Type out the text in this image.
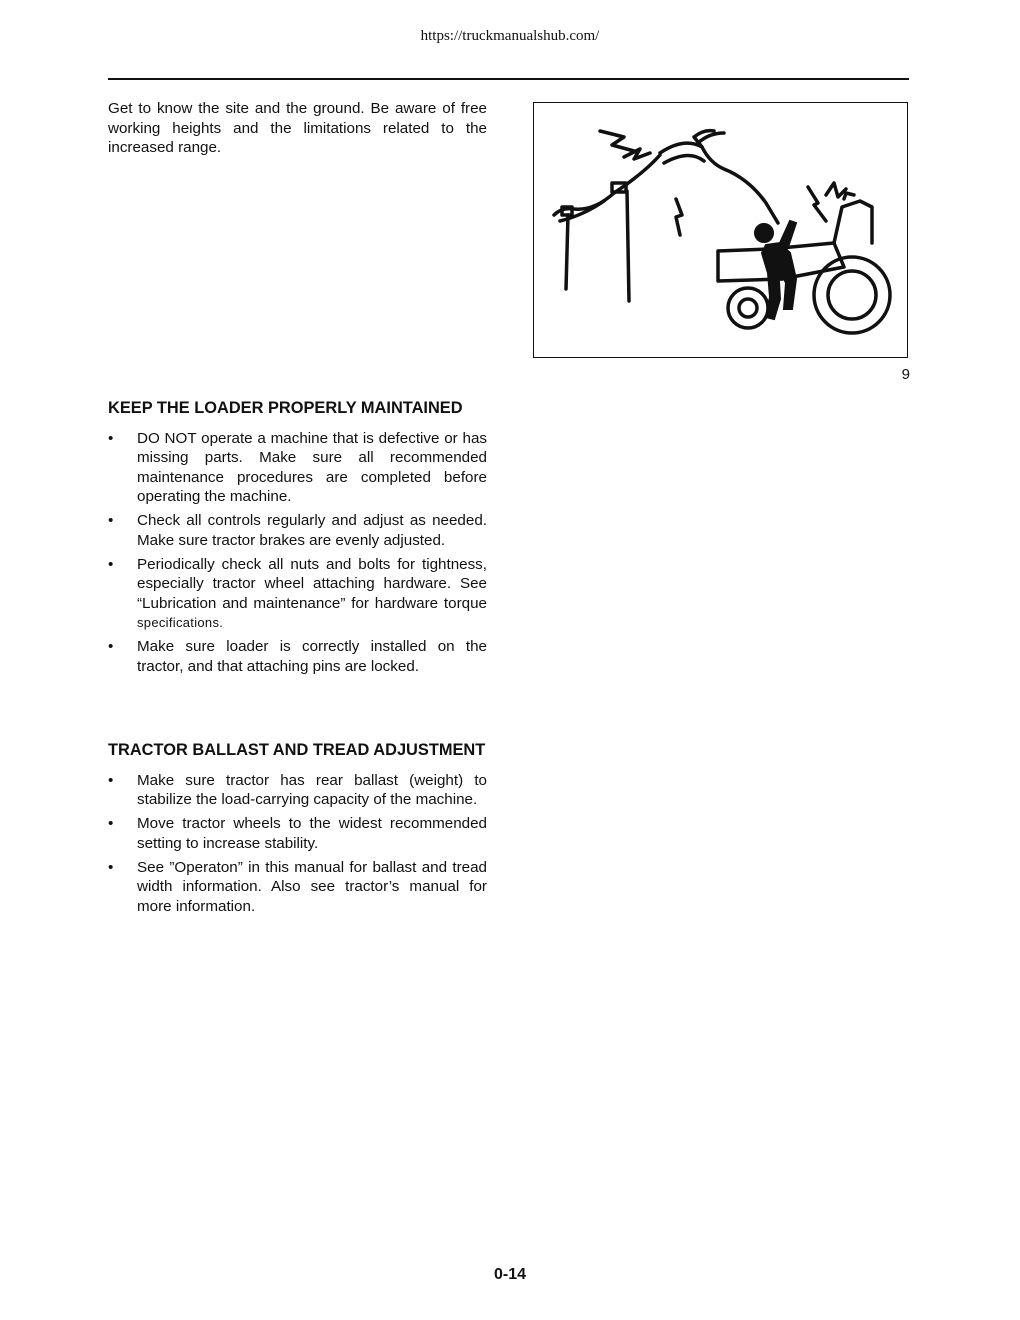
https://truckmanualshub.com/

Get to know the site and the ground. Be aware of free working heights and the limitations related to the increased range.

9
KEEP THE LOADER PROPERLY MAINTAINED
• DO NOT operate a machine that is defective or has missing parts. Make sure all recommended maintenance procedures are completed before operating the machine.
• Check all controls regularly and adjust as needed. Make sure tractor brakes are evenly adjusted.
• Periodically check all nuts and bolts for tightness, especially tractor wheel attaching hardware. See “Lubrication and maintenance” for hardware torque specifications.
• Make sure loader is correctly installed on the tractor, and that attaching pins are locked.
TRACTOR BALLAST AND TREAD ADJUSTMENT
• Make sure tractor has rear ballast (weight) to stabilize the load-carrying capacity of the machine.
• Move tractor wheels to the widest recommended setting to increase stability.
• See ”Operaton” in this manual for ballast and tread width information. Also see tractor’s manual for more information.
0-14
